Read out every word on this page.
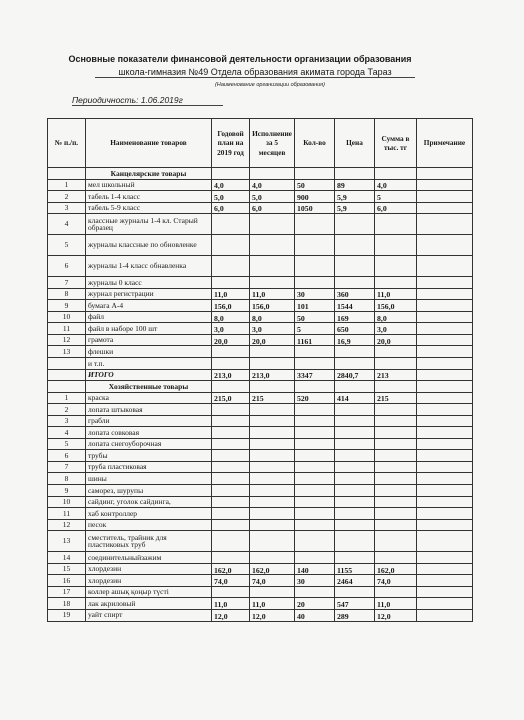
Основные показатели финансовой деятельности организации образования
школа-гимназия №49 Отдела образования акимата города Тараз
(Наименование организации образования)
Периодичность: 1.06.2019г
№ п./п.	Наименование товаров	Годовой план на 2019 год	Исполнение за 5 месяцев	Кол-во	Цена	Сумма в тыс. тг	Примечание
	Канцелярские товары						
1	мел школьный	4,0	4,0	50	89	4,0	
2	табель 1-4 класс	5,0	5,0	900	5,9	5	
3	табель 5-9 класс	6,0	6,0	1050	5,9	6,0	
4	классные журналы 1-4 кл. Старый образец						
5	журналы классные по обновленке						
6	журналы 1-4 класс обнавленка						
7	журналы 0 класс						
8	журнал регистрации	11,0	11,0	30	360	11,0	
9	бумага А-4	156,0	156,0	101	1544	156,0	
10	файл	8,0	8,0	50	169	8,0	
11	файл в наборе 100 шт	3,0	3,0	5	650	3,0	
12	грамота	20,0	20,0	1161	16,9	20,0	
13	флешки						
	и т.п.						
	ИТОГО	213,0	213,0	3347	2840,7	213	
	Хозяйственные товары						
1	краска	215,0	215	520	414	215	
2	лопата штыковая						
3	грабли						
4	лопата совковая						
5	лопата снегоуборочная						
6	трубы						
7	труба пластиковая						
8	шины						
9	саморез, шурупы						
10	сайдинг, уголок сайдинга,						
11	хаб контроллер						
12	песок						
13	сместитель, трайник для пластиковых труб						
14	соединительныйзажим						
15	хлордезин	162,0	162,0	140	1155	162,0	
16	хлордезин	74,0	74,0	30	2464	74,0	
17	коллер ашық қоңыр түсті						
18	лак акриловый	11,0	11,0	20	547	11,0	
19	уайт спирт	12,0	12,0	40	289	12,0	
